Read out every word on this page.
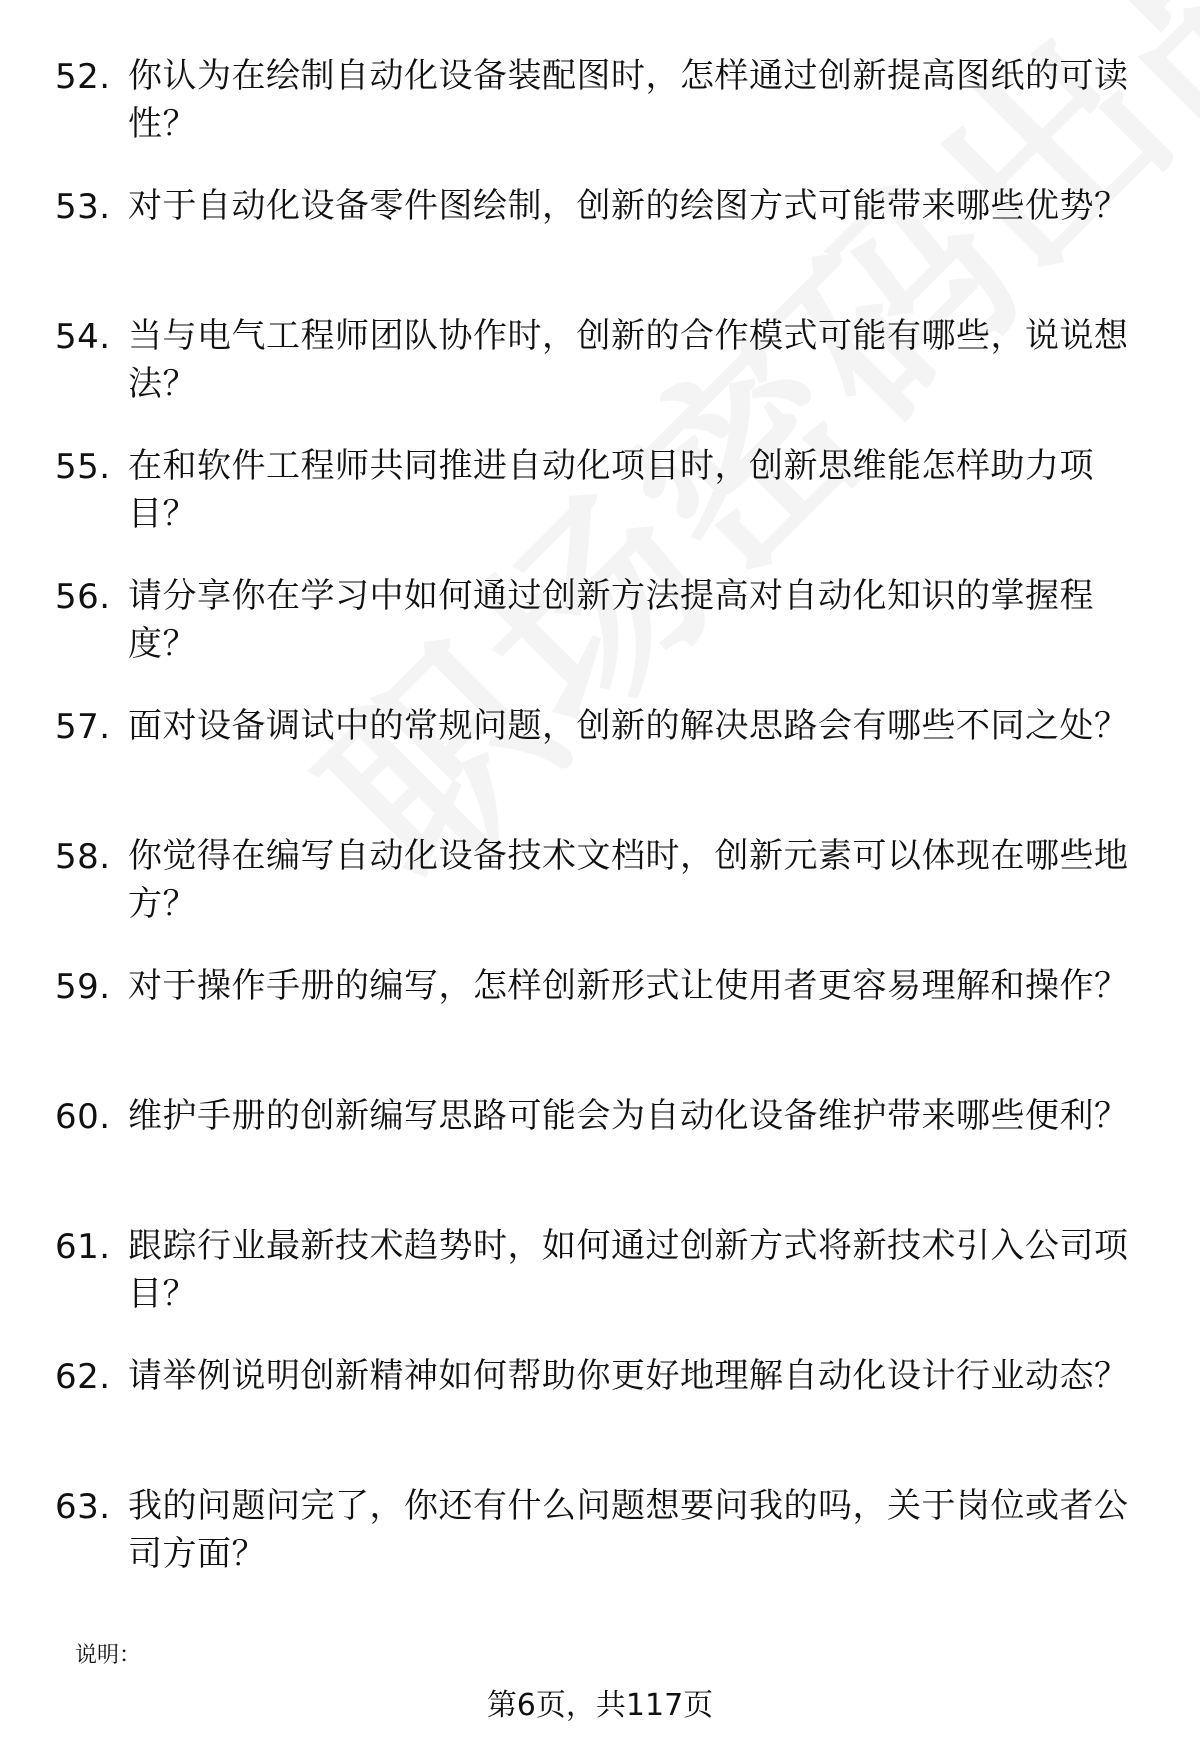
52. 你认为在绘制自动化设备装配图时，怎样通过创新提高图纸的可读性？
53. 对于自动化设备零件图绘制，创新的绘图方式可能带来哪些优势？
54. 当与电气工程师团队协作时，创新的合作模式可能有哪些，说说想法？
55. 在和软件工程师共同推进自动化项目时，创新思维能怎样助力项目？
56. 请分享你在学习中如何通过创新方法提高对自动化知识的掌握程度？
57. 面对设备调试中的常规问题，创新的解决思路会有哪些不同之处？
58. 你觉得在编写自动化设备技术文档时，创新元素可以体现在哪些地方？
59. 对于操作手册的编写，怎样创新形式让使用者更容易理解和操作？
60. 维护手册的创新编写思路可能会为自动化设备维护带来哪些便利？
61. 跟踪行业最新技术趋势时，如何通过创新方式将新技术引入公司项目？
62. 请举例说明创新精神如何帮助你更好地理解自动化设计行业动态？
63. 我的问题问完了，你还有什么问题想要问我的吗，关于岗位或者公司方面？
说明：
第6页，共117页
